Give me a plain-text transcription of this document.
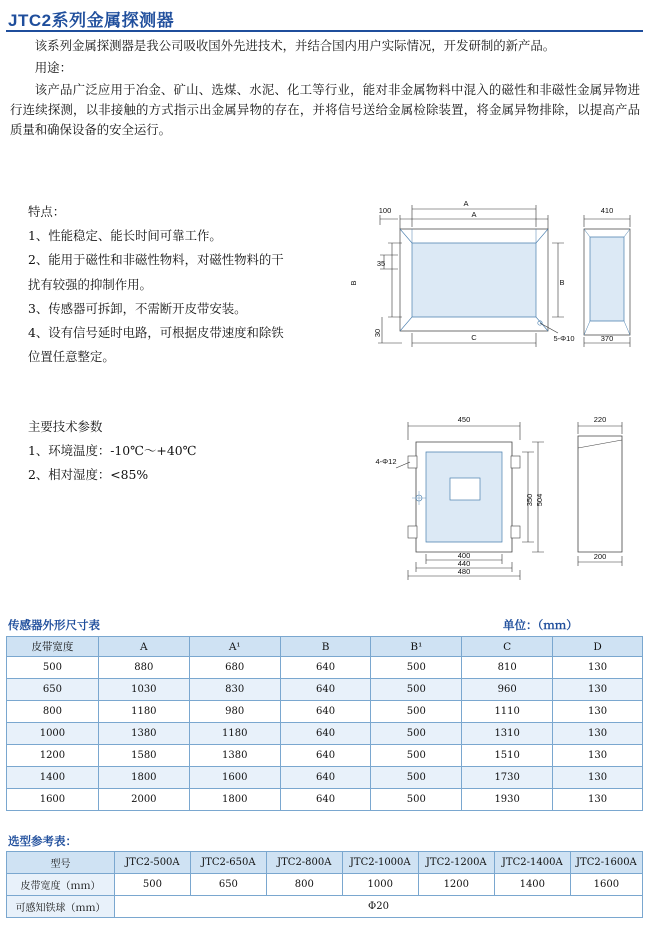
JTC2系列金属探测器

该系列金属探测器是我公司吸收国外先进技术，并结合国内用户实际情况，开发研制的新产品。

用途：

该产品广泛应用于冶金、矿山、选煤、水泥、化工等行业，能对非金属物料中混入的磁性和非磁性金属异物进行连续探测，以非接触的方式指示出金属异物的存在，并将信号送给金属检除装置，将金属异物排除，以提高产品质量和确保设备的安全运行。

特点：
1、性能稳定、能长时间可靠工作。
2、能用于磁性和非磁性物料，对磁性物料的干
扰有较强的抑制作用。
3、传感器可拆卸，不需断开皮带安装。
4、设有信号延时电路，可根据皮带速度和除铁
位置任意整定。
主要技术参数
1、环境温度：-10℃～+40℃
2、相对湿度：<85%
A
A
100	410
B
35
B
30	C	5-Φ10	370
450	220
4-Φ12
350 504
400
440
480
200
传感器外形尺寸表	单位：（ｍｍ）
皮带宽度	A	A¹	B	B¹	C	D
500	880	680	640	500	810	130
650	1030	830	640	500	960	130
800	1180	980	640	500	1110	130
1000	1380	1180	640	500	1310	130
1200	1580	1380	640	500	1510	130
1400	1800	1600	640	500	1730	130
1600	2000	1800	640	500	1930	130
选型参考表：
型号	JTC2-500A	JTC2-650A	JTC2-800A	JTC2-1000A	JTC2-1200A	JTC2-1400A	JTC2-1600A
皮带宽度（ｍｍ）	500	650	800	1000	1200	1400	1600
可感知铁球（ｍｍ）	Φ20						
